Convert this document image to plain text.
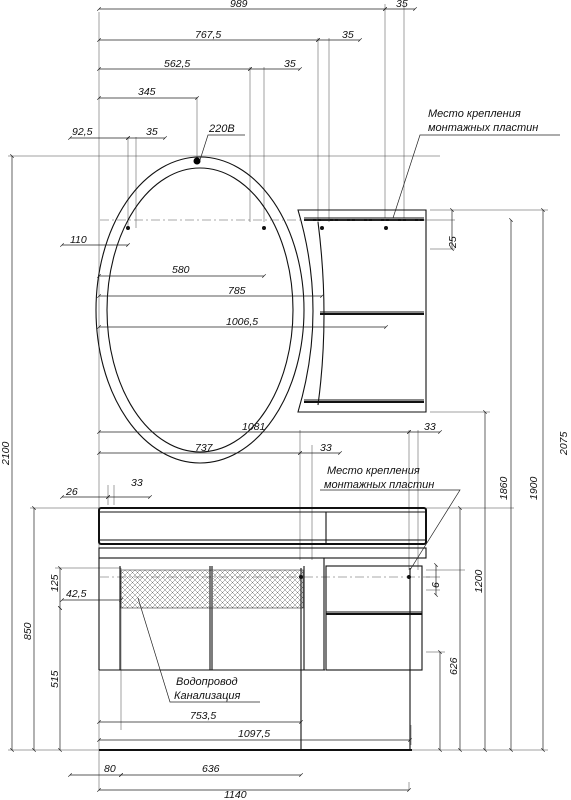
989	35
767,5	35
562,5	35
345
92,5	35
110
580
785
1006,5
1081	33
737	33
26
33
42,5
753,5
1097,5
80	636
1140
2100	2075
1900
1860
25
1200
6
626
850
125
515
220В
Место крепления
монтажных пластин
Место крепления
монтажных пластин
Водопровод
Канализация
